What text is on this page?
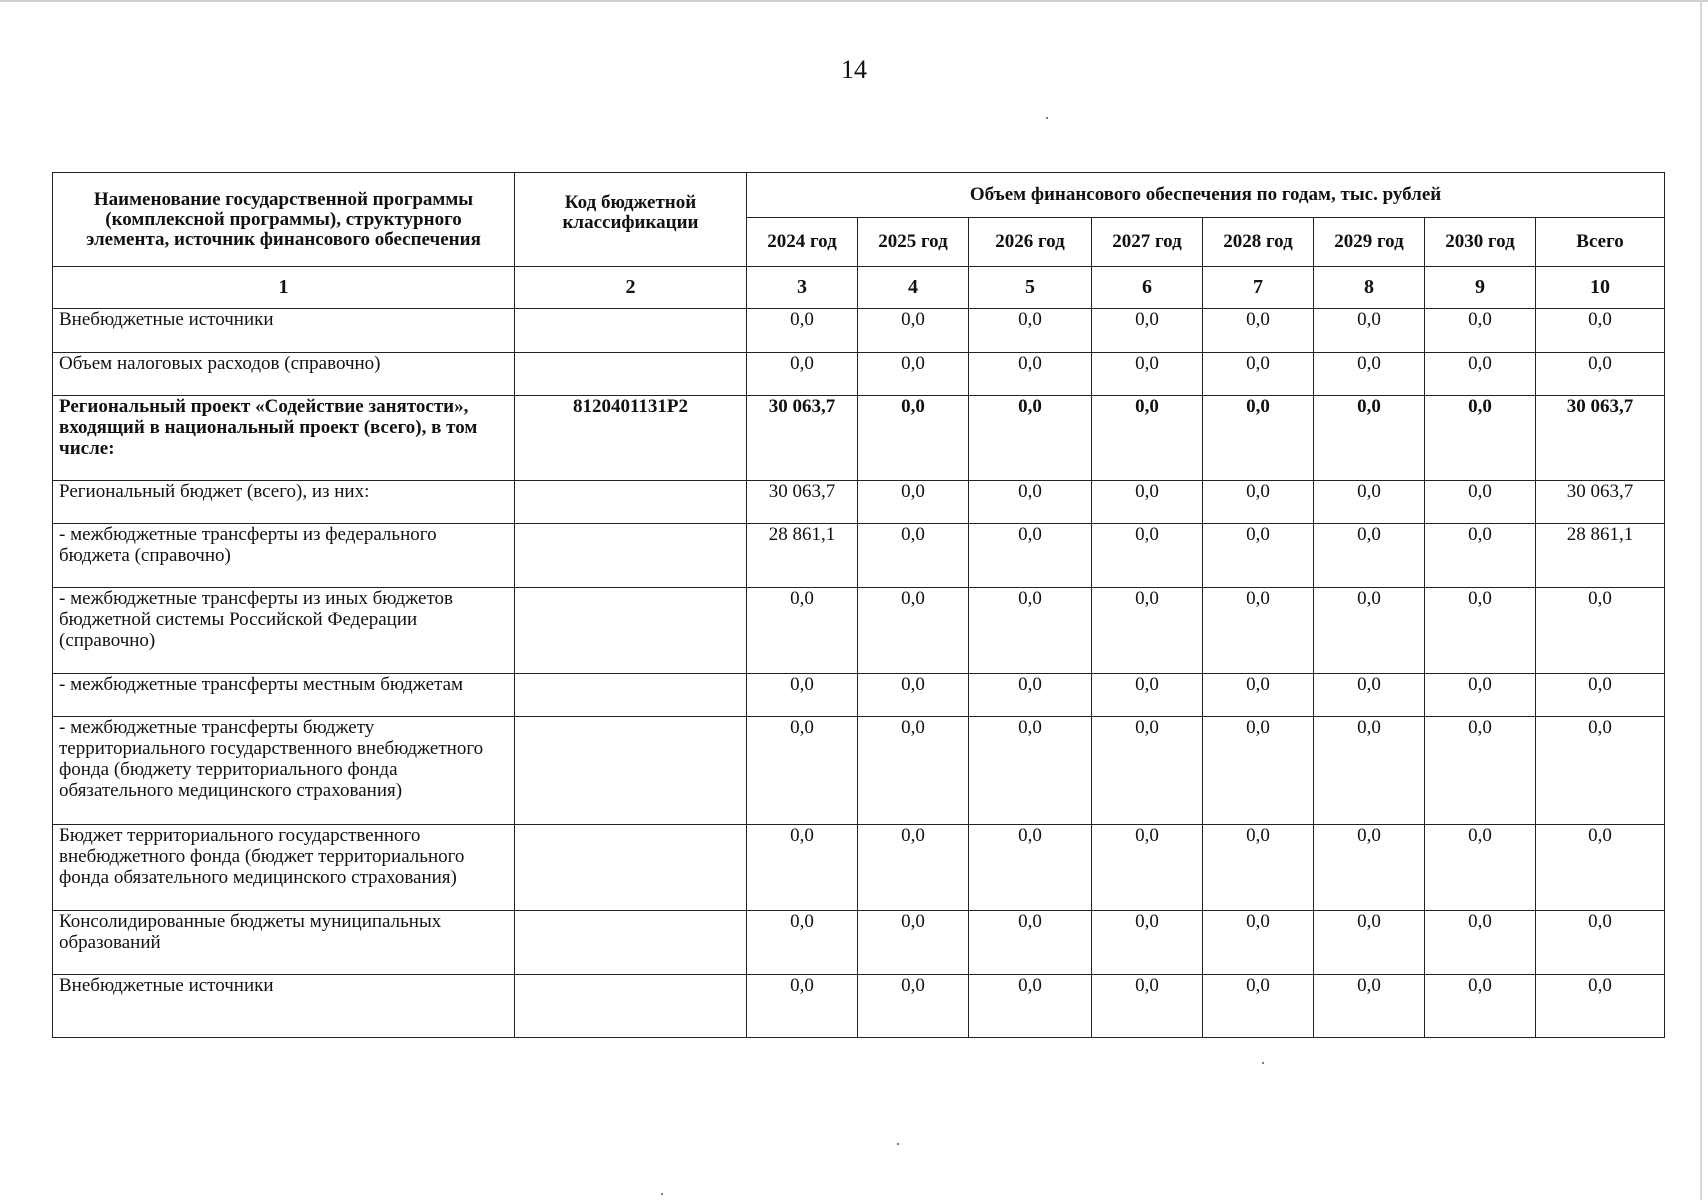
14
Наименование государственной программы (комплексной программы), структурного элемента, источник финансового обеспечения	Код бюджетной классификации	Объем финансового обеспечения по годам, тыс. рублей							
		2024 год	2025 год	2026 год	2027 год	2028 год	2029 год	2030 год	Всего
1	2	3	4	5	6	7	8	9	10
Внебюджетные источники		0,0	0,0	0,0	0,0	0,0	0,0	0,0	0,0
Объем налоговых расходов (справочно)		0,0	0,0	0,0	0,0	0,0	0,0	0,0	0,0
Региональный проект «Содействие занятости», входящий в национальный проект (всего), в том числе:	8120401131Р2	30 063,7	0,0	0,0	0,0	0,0	0,0	0,0	30 063,7
Региональный бюджет (всего), из них:		30 063,7	0,0	0,0	0,0	0,0	0,0	0,0	30 063,7
- межбюджетные трансферты из федерального бюджета (справочно)		28 861,1	0,0	0,0	0,0	0,0	0,0	0,0	28 861,1
- межбюджетные трансферты из иных бюджетов бюджетной системы Российской Федерации (справочно)		0,0	0,0	0,0	0,0	0,0	0,0	0,0	0,0
- межбюджетные трансферты местным бюджетам		0,0	0,0	0,0	0,0	0,0	0,0	0,0	0,0
- межбюджетные трансферты бюджету территориального государственного внебюджетного фонда (бюджету территориального фонда обязательного медицинского страхования)		0,0	0,0	0,0	0,0	0,0	0,0	0,0	0,0
Бюджет территориального государственного внебюджетного фонда (бюджет территориального фонда обязательного медицинского страхования)		0,0	0,0	0,0	0,0	0,0	0,0	0,0	0,0
Консолидированные бюджеты муниципальных образований		0,0	0,0	0,0	0,0	0,0	0,0	0,0	0,0
Внебюджетные источники		0,0	0,0	0,0	0,0	0,0	0,0	0,0	0,0
